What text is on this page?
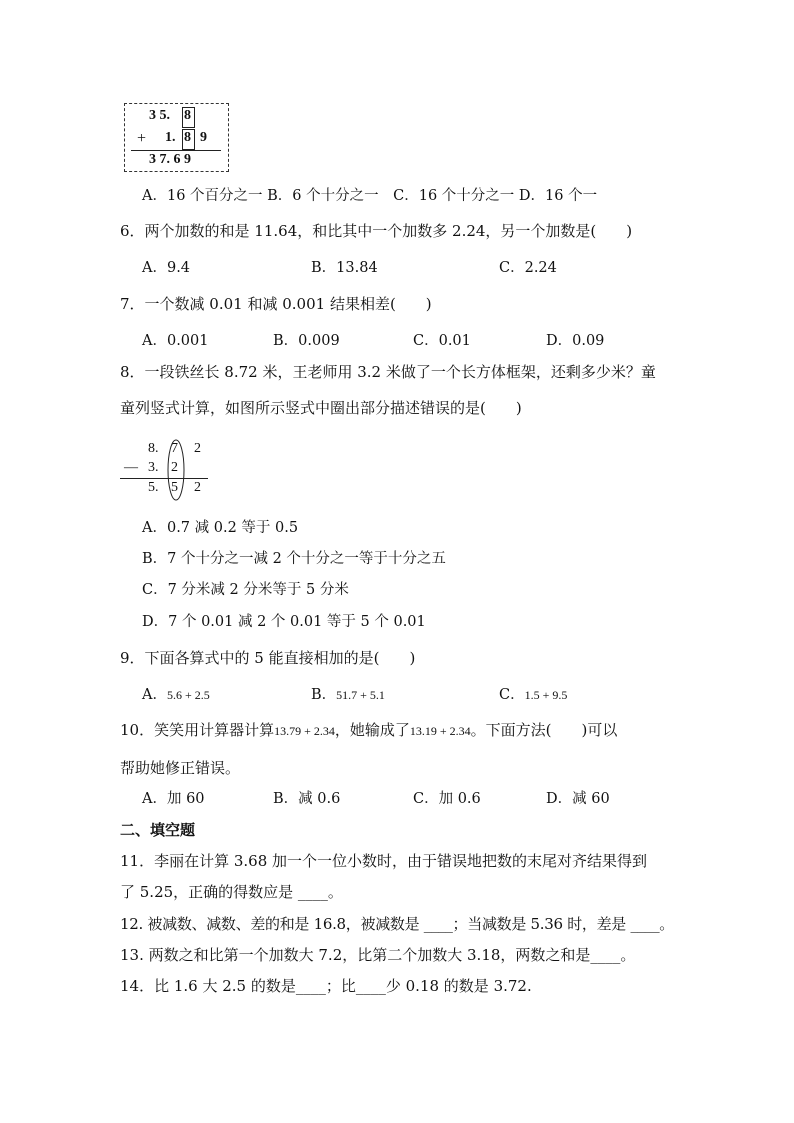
3 5. 8
+ 1. 8 9
3 7. 6 9
A．16 个百分之一 B．6 个十分之一　C．16 个十分之一 D．16 个一
6．两个加数的和是 11.64，和比其中一个加数多 2.24，另一个加数是(　　)
A．9.4	B．13.84	C．2.24
7．一个数减 0.01 和减 0.001 结果相差(　　)
A．0.001	B．0.009	C．0.01	D．0.09
8．一段铁丝长 8.72 米，王老师用 3.2 米做了一个长方体框架，还剩多少米？童
童列竖式计算，如图所示竖式中圈出部分描述错误的是(　　)
8. 7 2
— 3. 2
5. 5 2
A．0.7 减 0.2 等于 0.5
B．7 个十分之一减 2 个十分之一等于十分之五
C．7 分米减 2 分米等于 5 分米
D．7 个 0.01 减 2 个 0.01 等于 5 个 0.01
9．下面各算式中的 5 能直接相加的是(　　)
A．5.6 + 2.5	B．51.7 + 5.1	C．1.5 + 9.5
10．笑笑用计算器计算13.79 + 2.34，她输成了13.19 + 2.34。下面方法(　　)可以
帮助她修正错误。
A．加 60	B．减 0.6	C．加 0.6	D．减 60
二、填空题
11．李丽在计算 3.68 加一个一位小数时，由于错误地把数的末尾对齐结果得到
了 5.25，正确的得数应是 ____。
12. 被减数、减数、差的和是 16.8，被减数是 ____；当减数是 5.36 时，差是 ____。
13. 两数之和比第一个加数大 7.2，比第二个加数大 3.18，两数之和是____。
14．比 1.6 大 2.5 的数是____；比____少 0.18 的数是 3.72.
